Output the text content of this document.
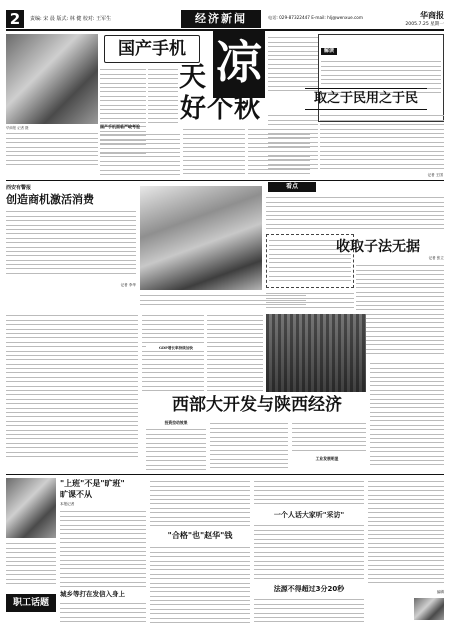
2	责编: 宋 晨 版式: 林 健 校对: 王军生	经济新闻	电话: 029-87322447 E-mail: hlj@wenxue.com	华商报
2005.7.25 星期一
华商报 记者 摄
国产手机
天 凉
好个秋
国产手机面临严峻考验
解读
取之于民用之于民
记者 王国
西安有警报
创造商机激活消费
记者 李华
看点
收取子法无据
记者 张立
西部大开发与陕西经济
投资拉动效果
工业发展明显
GDP增长率持续加快
"上班"不是"旷班"
旷课不从
本报记者
城乡等打在发信入身上
职工话题
"合格"也"赵华"钱
一个人话大家听"采访"
法源不得超过3分20秒	编辑
